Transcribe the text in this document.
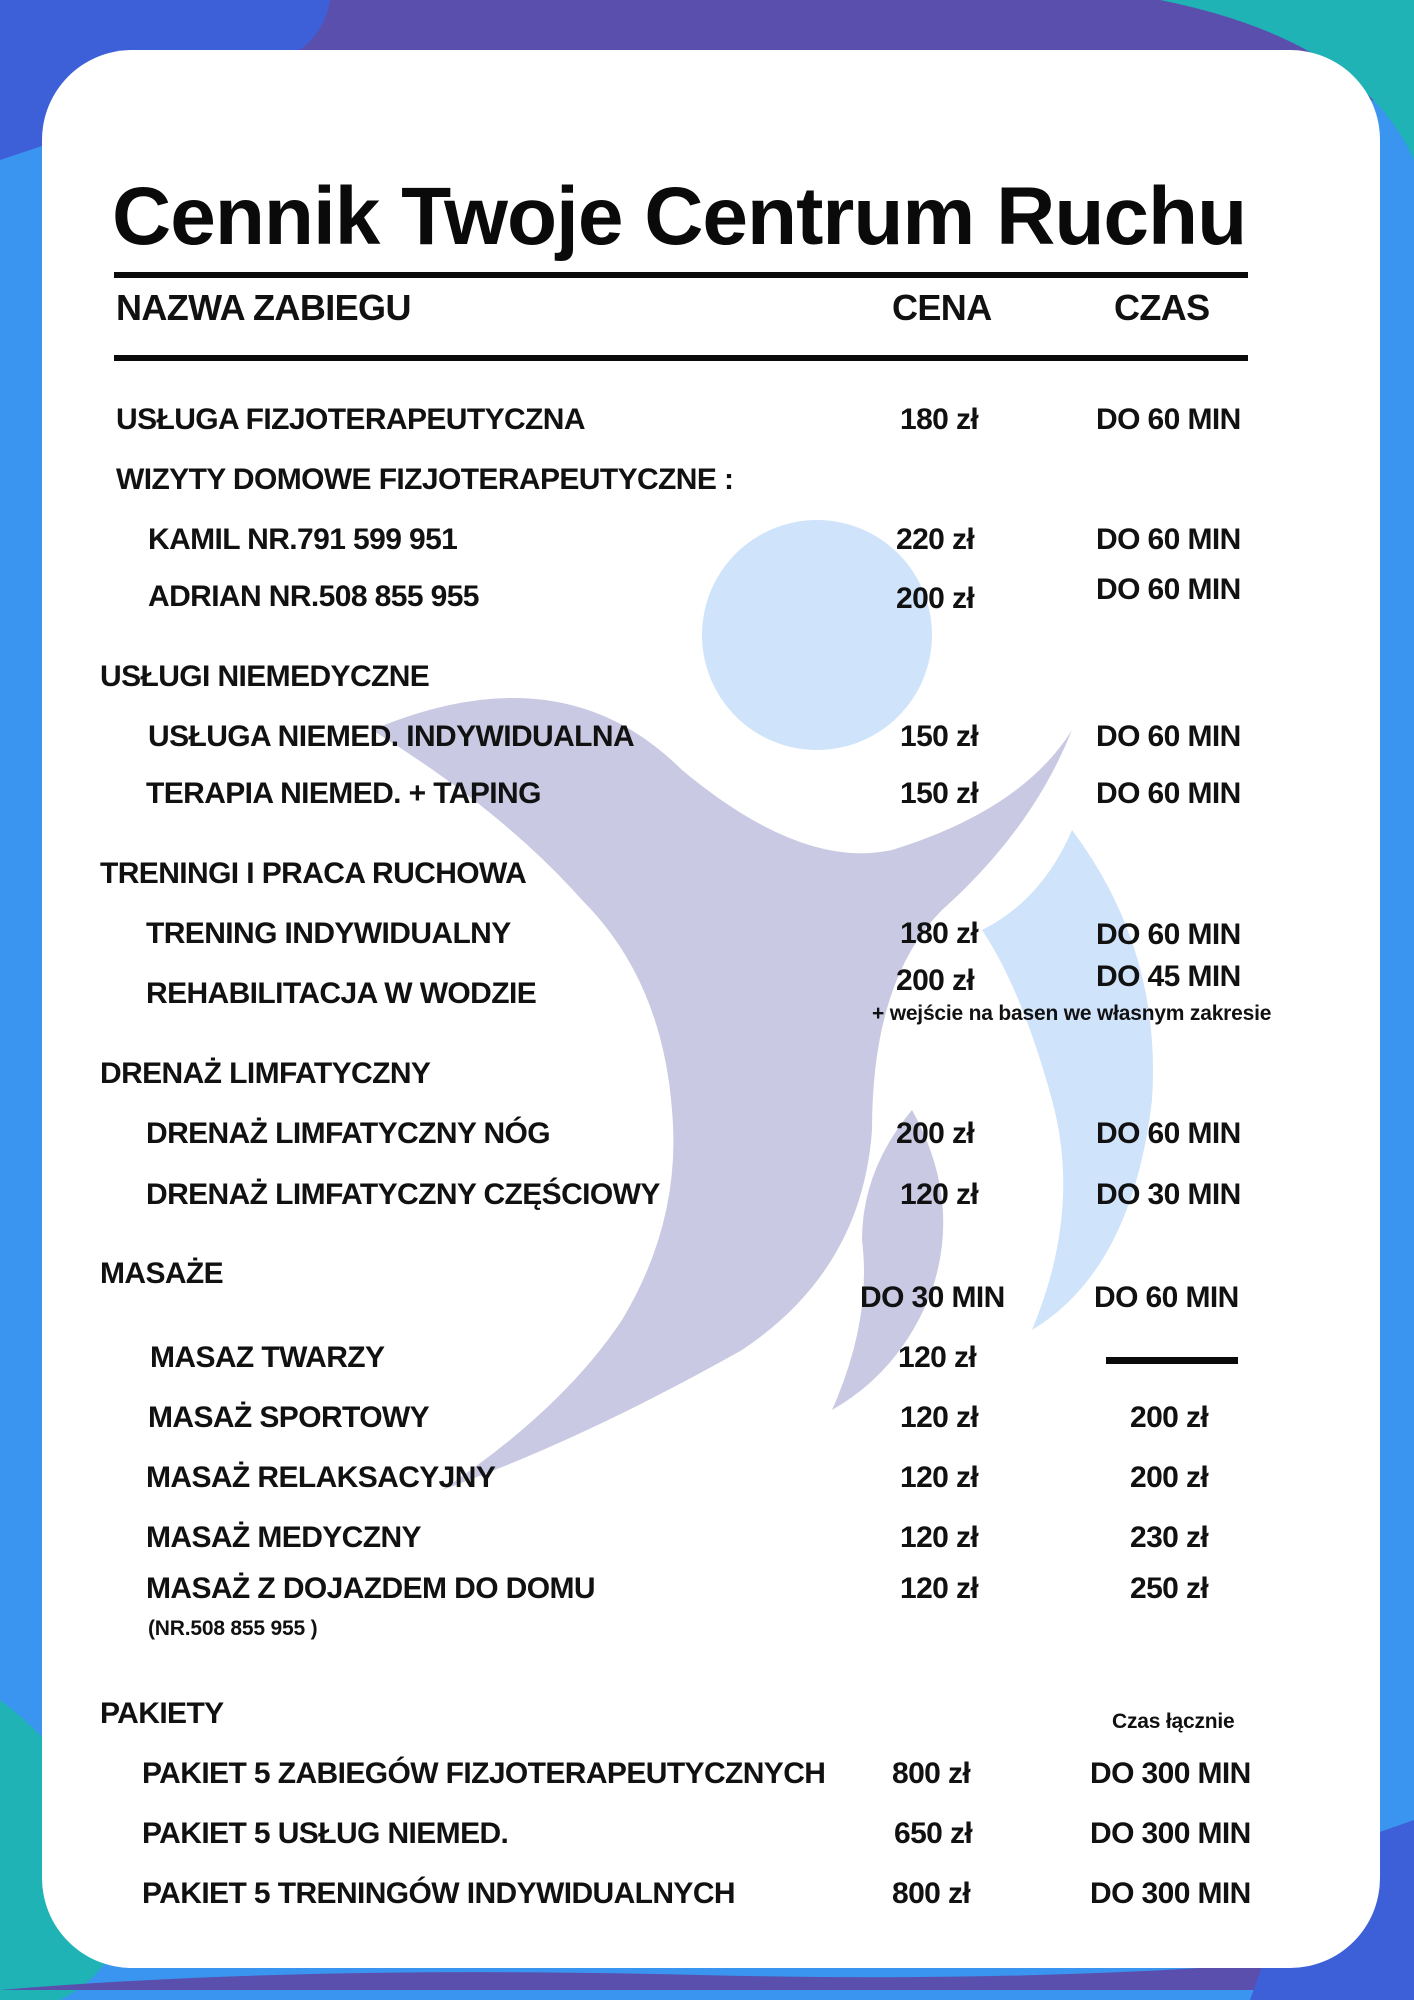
Cennik Twoje Centrum Ruchu
NAZWA ZABIEGU	CENA	CZAS
USŁUGA FIZJOTERAPEUTYCZNA	180 zł	DO 60 MIN
WIZYTY DOMOWE FIZJOTERAPEUTYCZNE :
KAMIL NR.791 599 951	220 zł	DO 60 MIN
ADRIAN NR.508 855 955	200 zł	DO 60 MIN
USŁUGI NIEMEDYCZNE
USŁUGA NIEMED. INDYWIDUALNA	150 zł	DO 60 MIN
TERAPIA NIEMED. + TAPING	150 zł	DO 60 MIN
TRENINGI I PRACA RUCHOWA
TRENING INDYWIDUALNY	180 zł	DO 60 MIN
REHABILITACJA W WODZIE	200 zł	DO 45 MIN
+ wejście na basen we własnym zakresie
DRENAŻ LIMFATYCZNY
DRENAŻ LIMFATYCZNY NÓG	200 zł	DO 60 MIN
DRENAŻ LIMFATYCZNY CZĘŚCIOWY	120 zł	DO 30 MIN
MASAŻE
DO 30 MIN	DO 60 MIN
MASAZ TWARZY	120 zł
MASAŻ SPORTOWY	120 zł	200 zł
MASAŻ RELAKSACYJNY	120 zł	200 zł
MASAŻ MEDYCZNY	120 zł	230 zł
MASAŻ Z DOJAZDEM DO DOMU
(NR.508 855 955 )
120 zł	250 zł
PAKIETY	Czas łącznie
PAKIET 5 ZABIEGÓW FIZJOTERAPEUTYCZNYCH 800 zł	DO 300 MIN
PAKIET 5 USŁUG NIEMED.	650 zł	DO 300 MIN
PAKIET 5 TRENINGÓW INDYWIDUALNYCH	800 zł	DO 300 MIN
